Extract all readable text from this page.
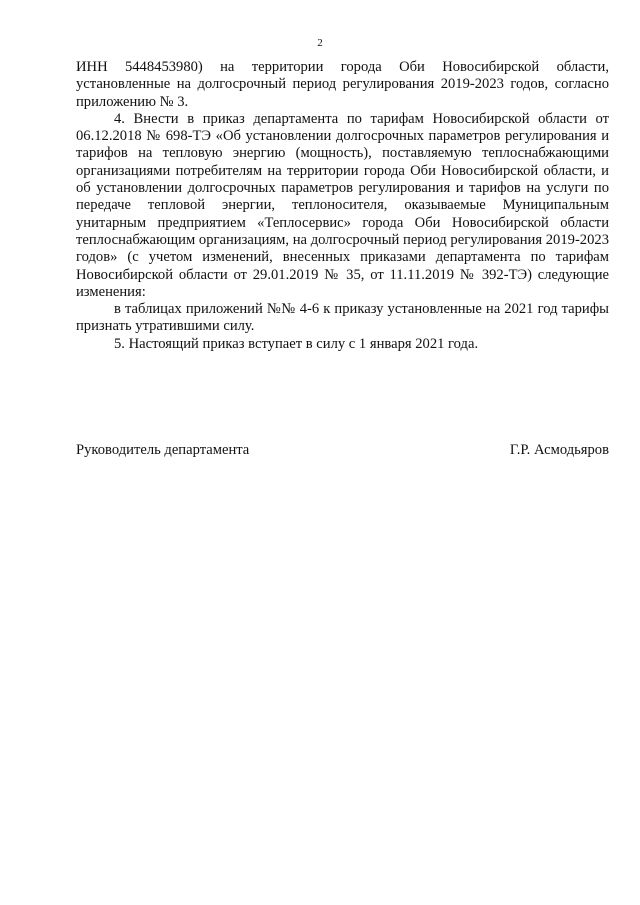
2

ИНН 5448453980) на территории города Оби Новосибирской области, установленные на долгосрочный период регулирования 2019-2023 годов, согласно приложению № 3.

4. Внести в приказ департамента по тарифам Новосибирской области от 06.12.2018 № 698-ТЭ «Об установлении долгосрочных параметров регулирования и тарифов на тепловую энергию (мощность), поставляемую теплоснабжающими организациями потребителям на территории города Оби Новосибирской области, и об установлении долгосрочных параметров регулирования и тарифов на услуги по передаче тепловой энергии, теплоносителя, оказываемые Муниципальным унитарным предприятием «Теплосервис» города Оби Новосибирской области теплоснабжающим организациям, на долгосрочный период регулирования 2019-2023 годов» (с учетом изменений, внесенных приказами департамента по тарифам Новосибирской области от 29.01.2019 № 35, от 11.11.2019 № 392-ТЭ) следующие изменения:

в таблицах приложений №№ 4-6 к приказу установленные на 2021 год тарифы признать утратившими силу.

5. Настоящий приказ вступает в силу с 1 января 2021 года.

Руководитель департамента	Г.Р. Асмодьяров
